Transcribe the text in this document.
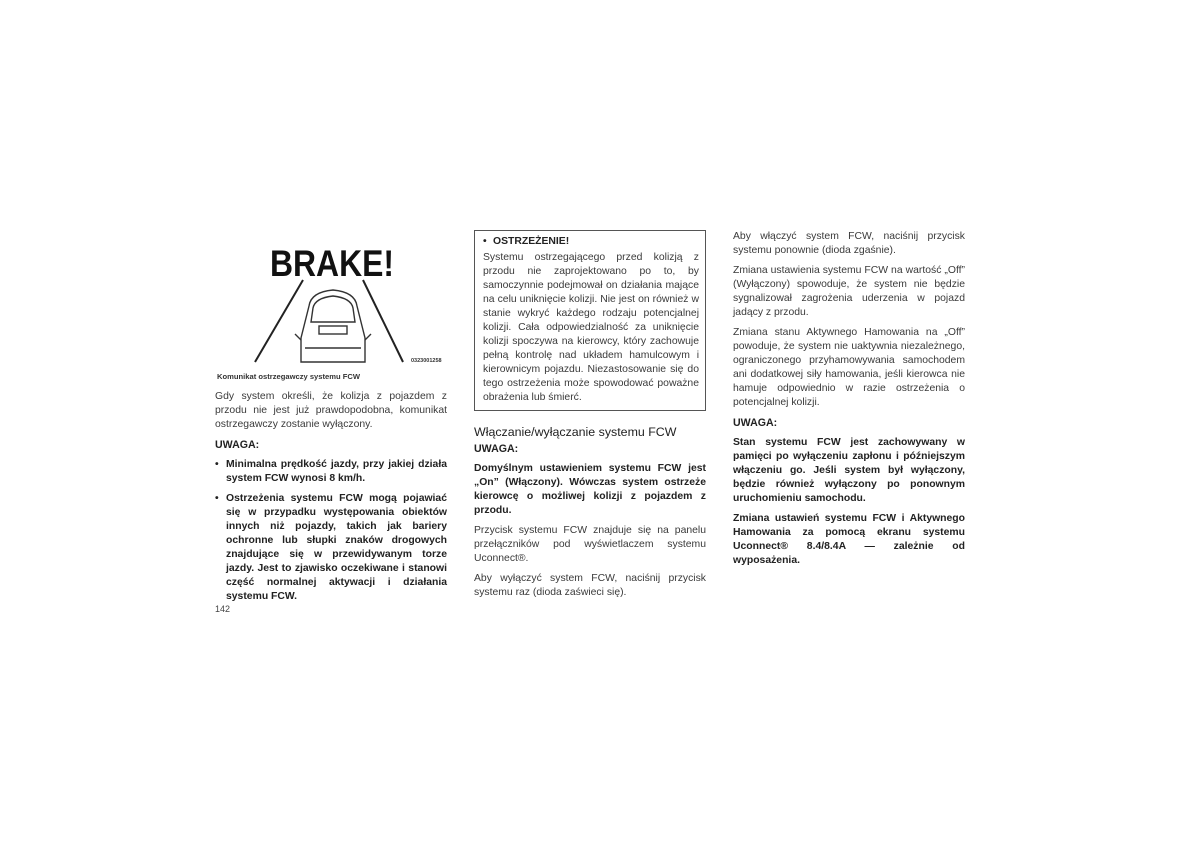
BRAKE!
0323001258
Komunikat ostrzegawczy systemu FCW

Gdy system określi, że kolizja z pojazdem z przodu nie jest już prawdopodobna, komunikat ostrzegawczy zostanie wyłączony.

UWAGA:
• Minimalna prędkość jazdy, przy jakiej działa system FCW wynosi 8 km/h.
• Ostrzeżenia systemu FCW mogą pojawiać się w przypadku występowania obiektów innych niż pojazdy, takich jak bariery ochronne lub słupki znaków drogowych znajdujące się w przewidywanym torze jazdy. Jest to zjawisko oczekiwane i stanowi część normalnej aktywacji i działania systemu FCW.
• OSTRZEŻENIE!

Systemu ostrzegającego przed kolizją z przodu nie zaprojektowano po to, by samoczynnie podejmował on działania mające na celu uniknięcie kolizji. Nie jest on również w stanie wykryć każdego rodzaju potencjalnej kolizji. Cała odpowiedzialność za uniknięcie kolizji spoczywa na kierowcy, który zachowuje pełną kontrolę nad układem hamulcowym i kierownicym pojazdu. Niezastosowanie się do tego ostrzeżenia może spowodować poważne obrażenia lub śmierć.

Włączanie/wyłączanie systemu FCW
UWAGA:

Domyślnym ustawieniem systemu FCW jest „On” (Włączony). Wówczas system ostrzeże kierowcę o możliwej kolizji z pojazdem z przodu.

Przycisk systemu FCW znajduje się na panelu przełączników pod wyświetlaczem systemu Uconnect®.

Aby wyłączyć system FCW, naciśnij przycisk systemu raz (dioda zaświeci się).

Aby włączyć system FCW, naciśnij przycisk systemu ponownie (dioda zgaśnie).

Zmiana ustawienia systemu FCW na wartość „Off” (Wyłączony) spowoduje, że system nie będzie sygnalizował zagrożenia uderzenia w pojazd jadący z przodu.

Zmiana stanu Aktywnego Hamowania na „Off” powoduje, że system nie uaktywnia niezależnego, ograniczonego przyhamowywania samochodem ani dodatkowej siły hamowania, jeśli kierowca nie hamuje odpowiednio w razie ostrzeżenia o potencjalnej kolizji.

UWAGA:

Stan systemu FCW jest zachowywany w pamięci po wyłączeniu zapłonu i późniejszym włączeniu go. Jeśli system był wyłączony, będzie również wyłączony po ponownym uruchomieniu samochodu.

Zmiana ustawień systemu FCW i Aktywnego Hamowania za pomocą ekranu systemu Uconnect® 8.4/8.4A — zależnie od wyposażenia.

142
